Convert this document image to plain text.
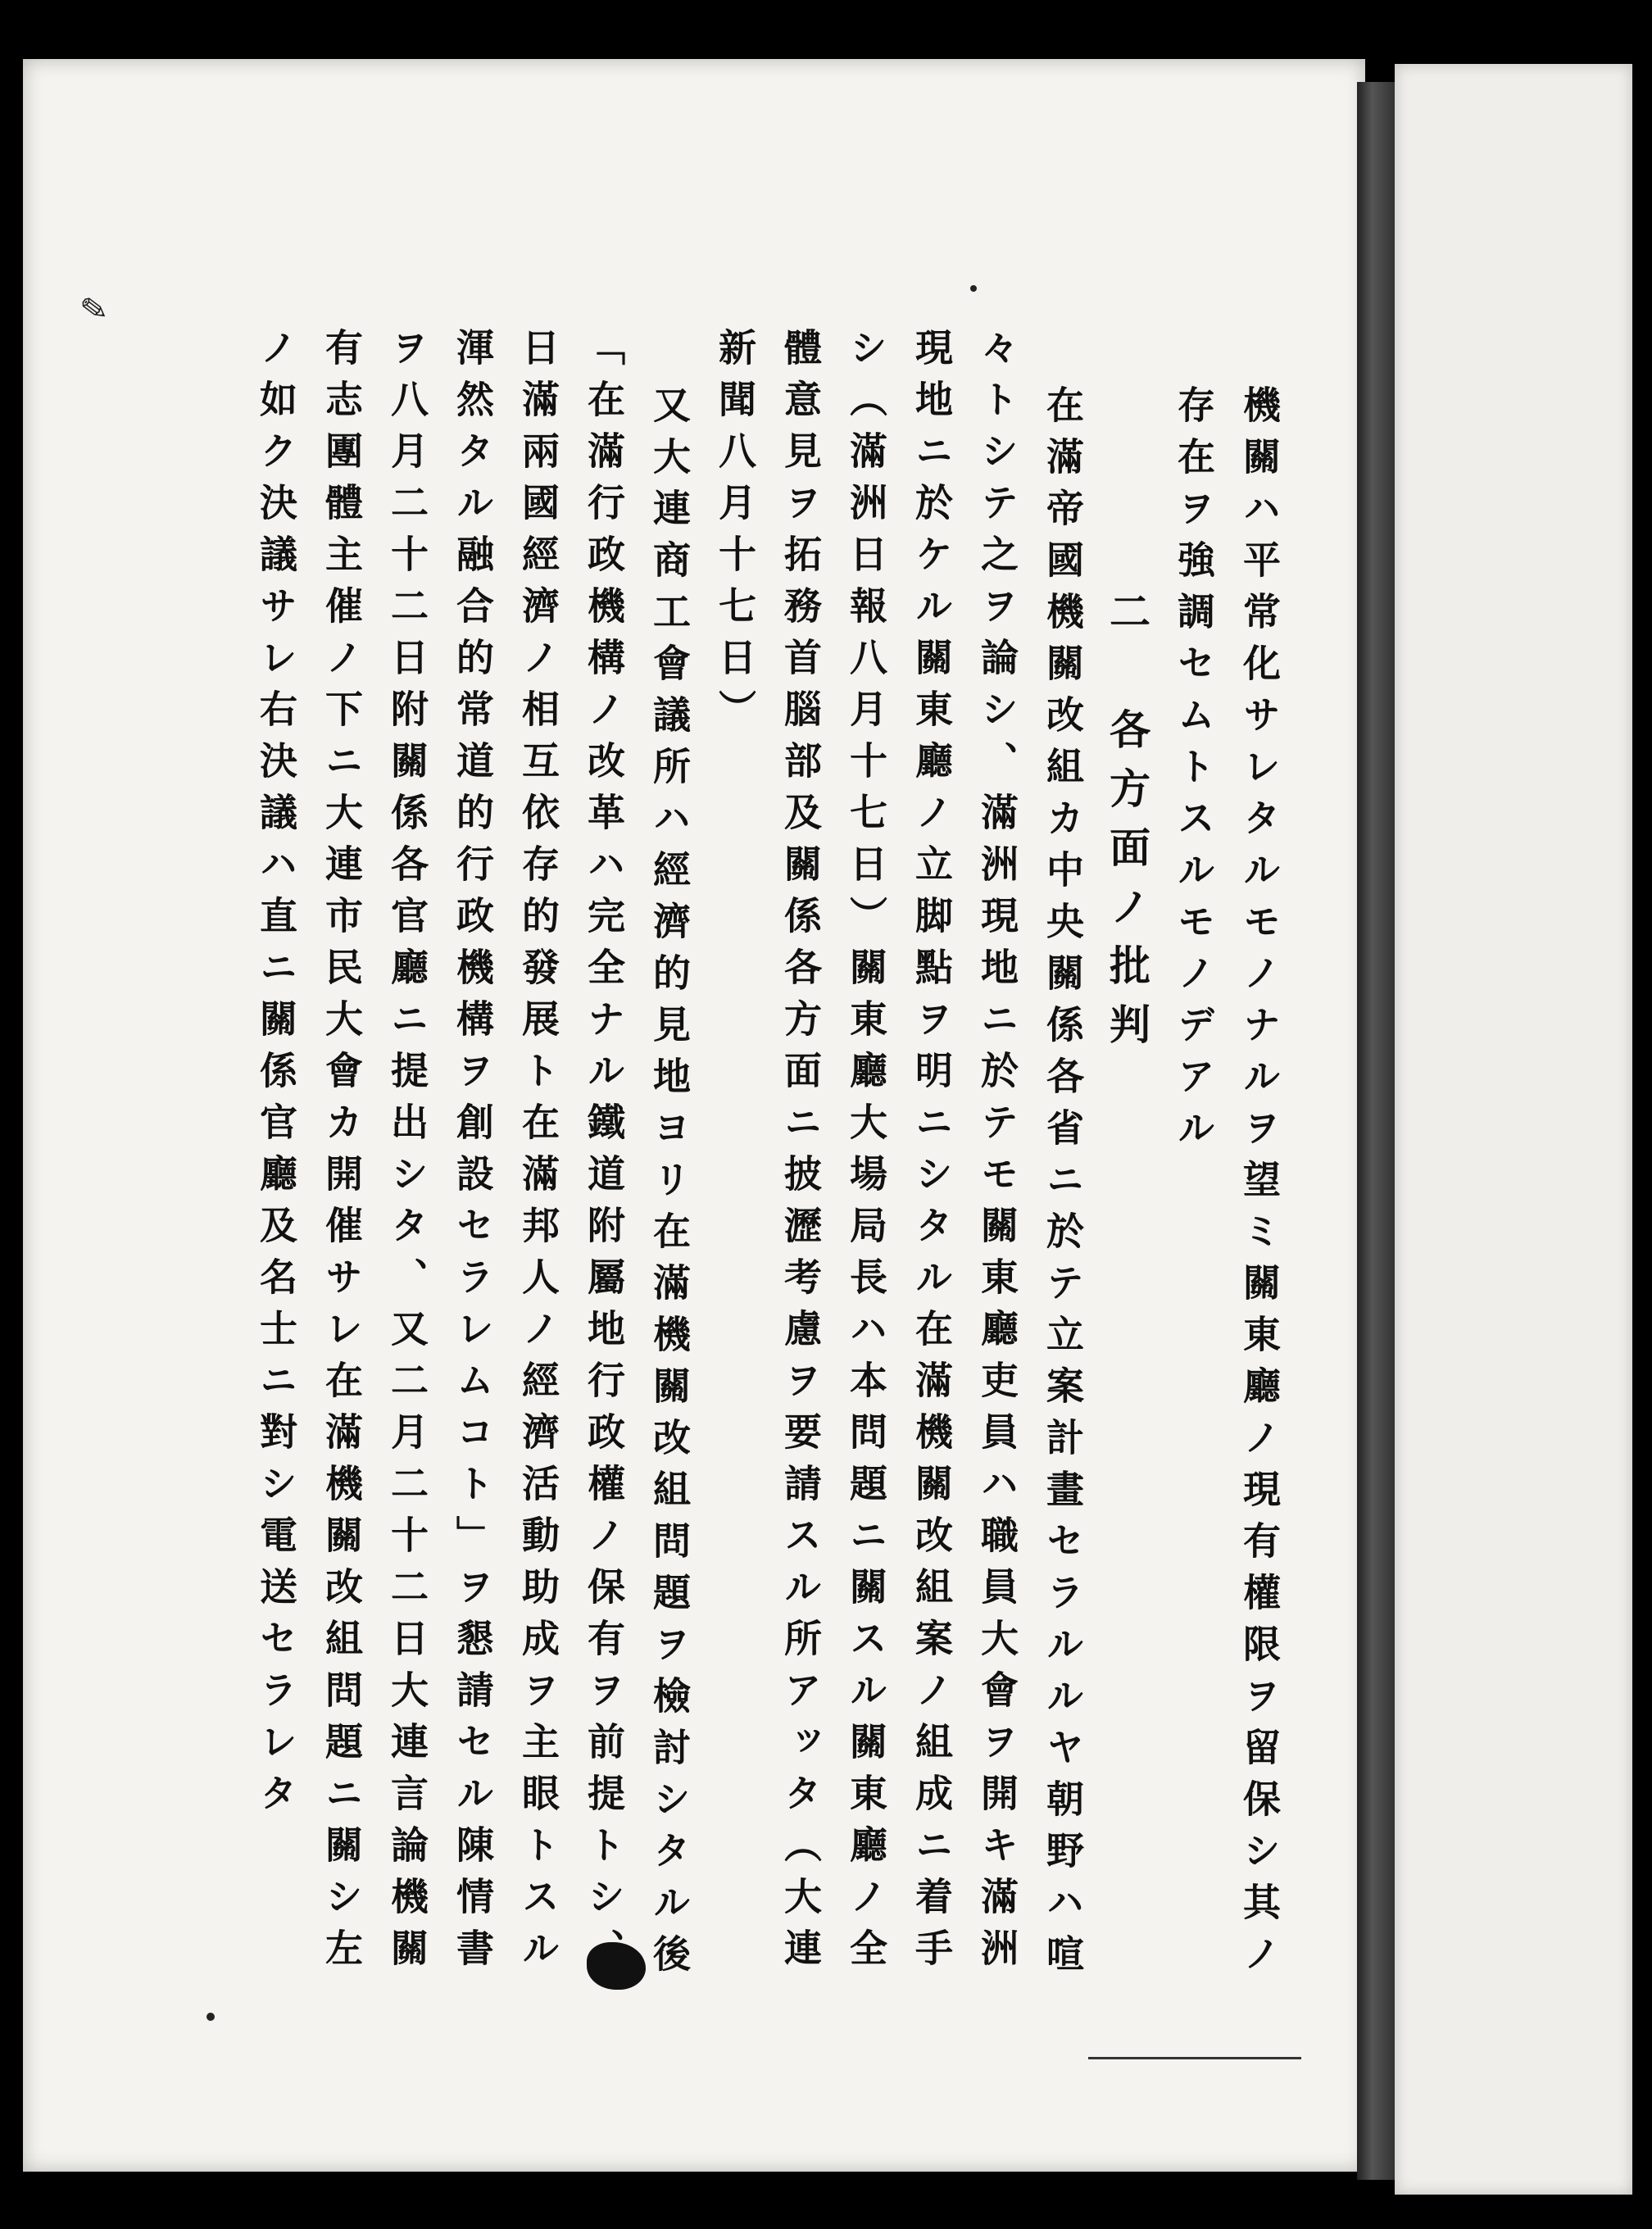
✎
機關ハ平常化サレタルモノナルヲ望ミ關東廳ノ現有權限ヲ留保シ其ノ
存在ヲ強調セムトスルモノデアル
二　各方面ノ批判
在滿帝國機關改組カ中央關係各省ニ於テ立案計畫セラルルヤ朝野ハ喧
々トシテ之ヲ論シ、滿洲現地ニ於テモ關東廳吏員ハ職員大會ヲ開キ滿洲
現地ニ於ケル關東廳ノ立脚點ヲ明ニシタル在滿機關改組案ノ組成ニ着手
シ（滿洲日報八月十七日）關東廳大場局長ハ本問題ニ關スル關東廳ノ全
體意見ヲ拓務首腦部及關係各方面ニ披瀝考慮ヲ要請スル所アッタ（大連
新聞八月十七日）
又大連商工會議所ハ經濟的見地ヨリ在滿機關改組問題ヲ檢討シタル後
「在滿行政機構ノ改革ハ完全ナル鐵道附屬地行政權ノ保有ヲ前提トシ、
日滿兩國經濟ノ相互依存的發展ト在滿邦人ノ經濟活動助成ヲ主眼トスル
渾然タル融合的常道的行政機構ヲ創設セラレムコト」ヲ懇請セル陳情書
ヲ八月二十二日附關係各官廳ニ提出シタ、又二月二十二日大連言論機關
有志團體主催ノ下ニ大連市民大會カ開催サレ在滿機關改組問題ニ關シ左
ノ如ク決議サレ右決議ハ直ニ關係官廳及名士ニ對シ電送セラレタ
